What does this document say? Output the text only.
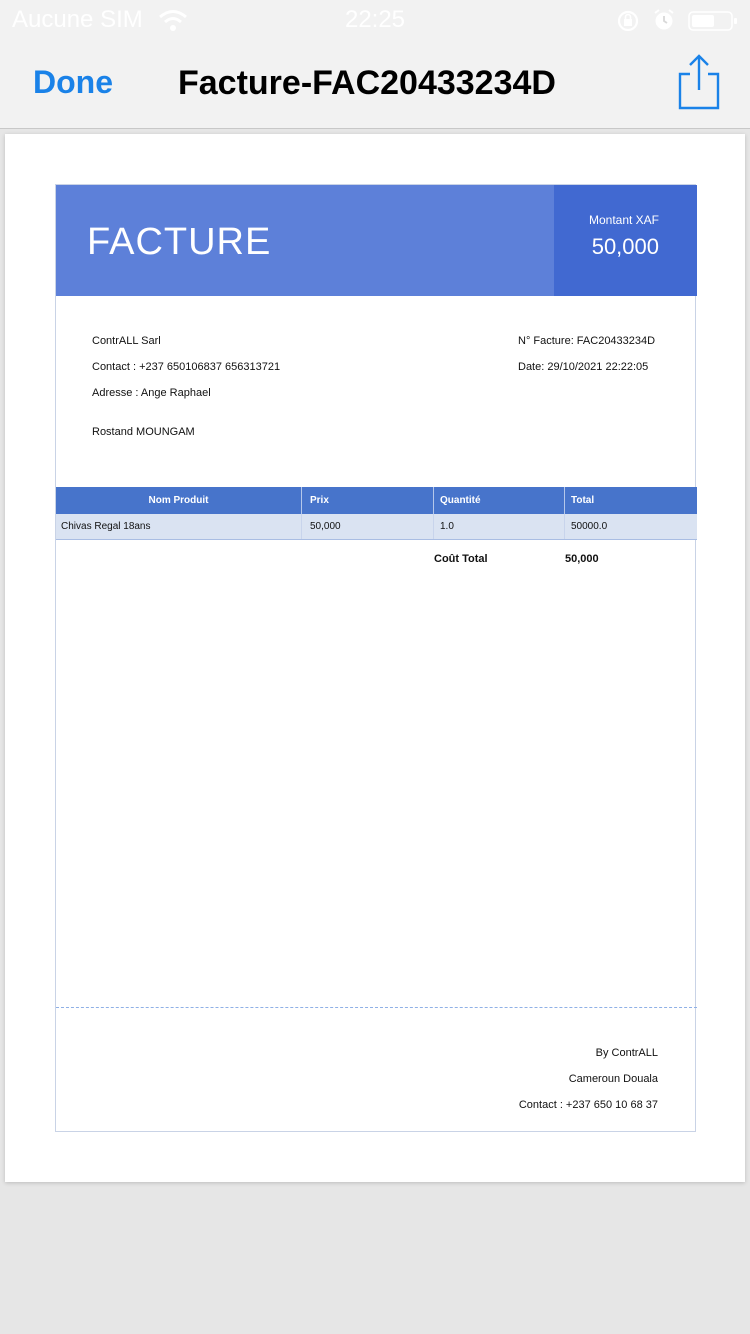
Done Facture-FAC20433234D
Aucune SIM	22:25
FACTURE
Montant XAF
50,000
ContrALL Sarl
Contact : +237 650106837 656313721
Adresse : Ange Raphael
Rostand MOUNGAM
N° Facture: FAC20433234D
Date: 29/10/2021 22:22:05
Nom Produit	Prix	Quantité	Total
Chivas Regal 18ans	50,000	1.0	50000.0
Coût Total	50,000
By ContrALL
Cameroun Douala
Contact : +237 650 10 68 37
